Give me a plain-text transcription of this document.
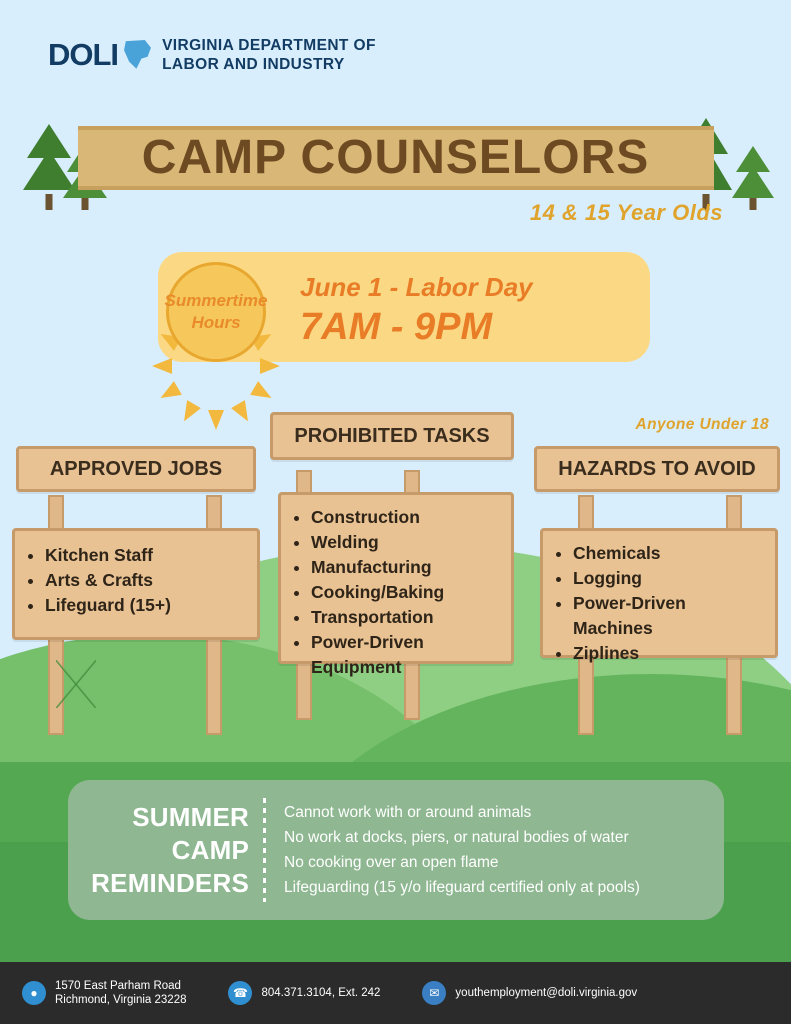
DOLI	VIRGINIA DEPARTMENT OF
LABOR AND INDUSTRY
CAMP COUNSELORS
14 & 15 Year Olds
Summertime
Hours
June 1 - Labor Day
7AM - 9PM
APPROVED JOBS
• Kitchen Staff
• Arts & Crafts
• Lifeguard (15+)
PROHIBITED TASKS
• Construction
• Welding
• Manufacturing
• Cooking/Baking
• Transportation
• Power-Driven Equipment
Anyone Under 18
HAZARDS TO AVOID
• Chemicals
• Logging
• Power-Driven Machines
• Ziplines
SUMMER
CAMP
REMINDERS
Cannot work with or around animals
No work at docks, piers, or natural bodies of water
No cooking over an open flame
Lifeguarding (15 y/o lifeguard certified only at pools)
●	1570 East Parham Road
Richmond, Virginia 23228	☎	804.371.3104, Ext. 242	✉	youthemployment@doli.virginia.gov
